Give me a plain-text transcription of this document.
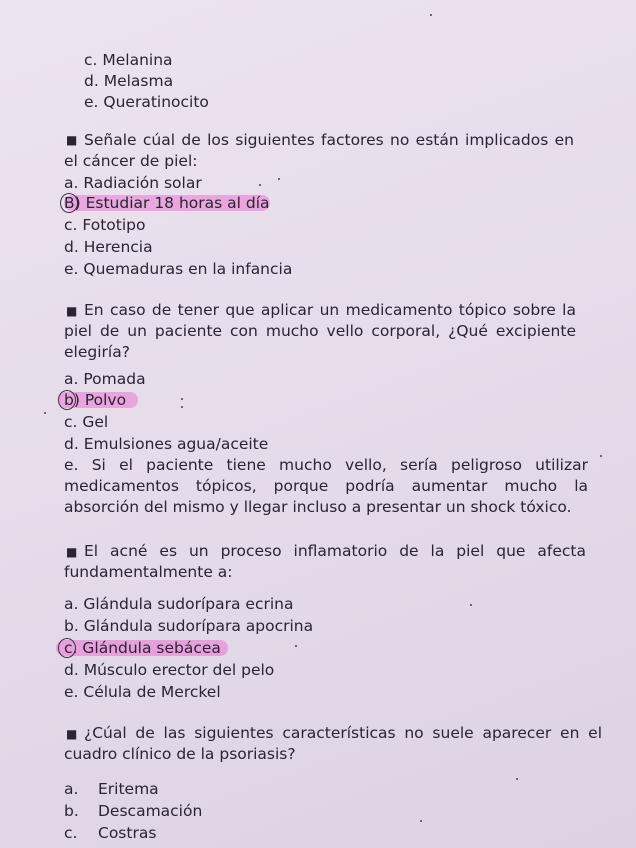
c. Melanina
d. Melasma
e. Queratinocito
■ Señale cúal de los siguientes factores no están implicados en el cáncer de piel:
a. Radiación solar
B) Estudiar 18 horas al día
c. Fototipo
d. Herencia
e. Quemaduras en la infancia
■ En caso de tener que aplicar un medicamento tópico sobre la piel de un paciente con mucho vello corporal, ¿Qué excipiente elegiría?
a. Pomada
b) Polvo
c. Gel
d. Emulsiones agua/aceite
e. Si el paciente tiene mucho vello, sería peligroso utilizar medicamentos tópicos, porque podría aumentar mucho la absorción del mismo y llegar incluso a presentar un shock tóxico.
■ El acné es un proceso inflamatorio de la piel que afecta fundamentalmente a:
a. Glándula sudorípara ecrina
b. Glándula sudorípara apocrina
c. Glándula sebácea
d. Músculo erector del pelo
e. Célula de Merckel
■ ¿Cúal de las siguientes características no suele aparecer en el cuadro clínico de la psoriasis?
a. Eritema
b. Descamación
c. Costras
